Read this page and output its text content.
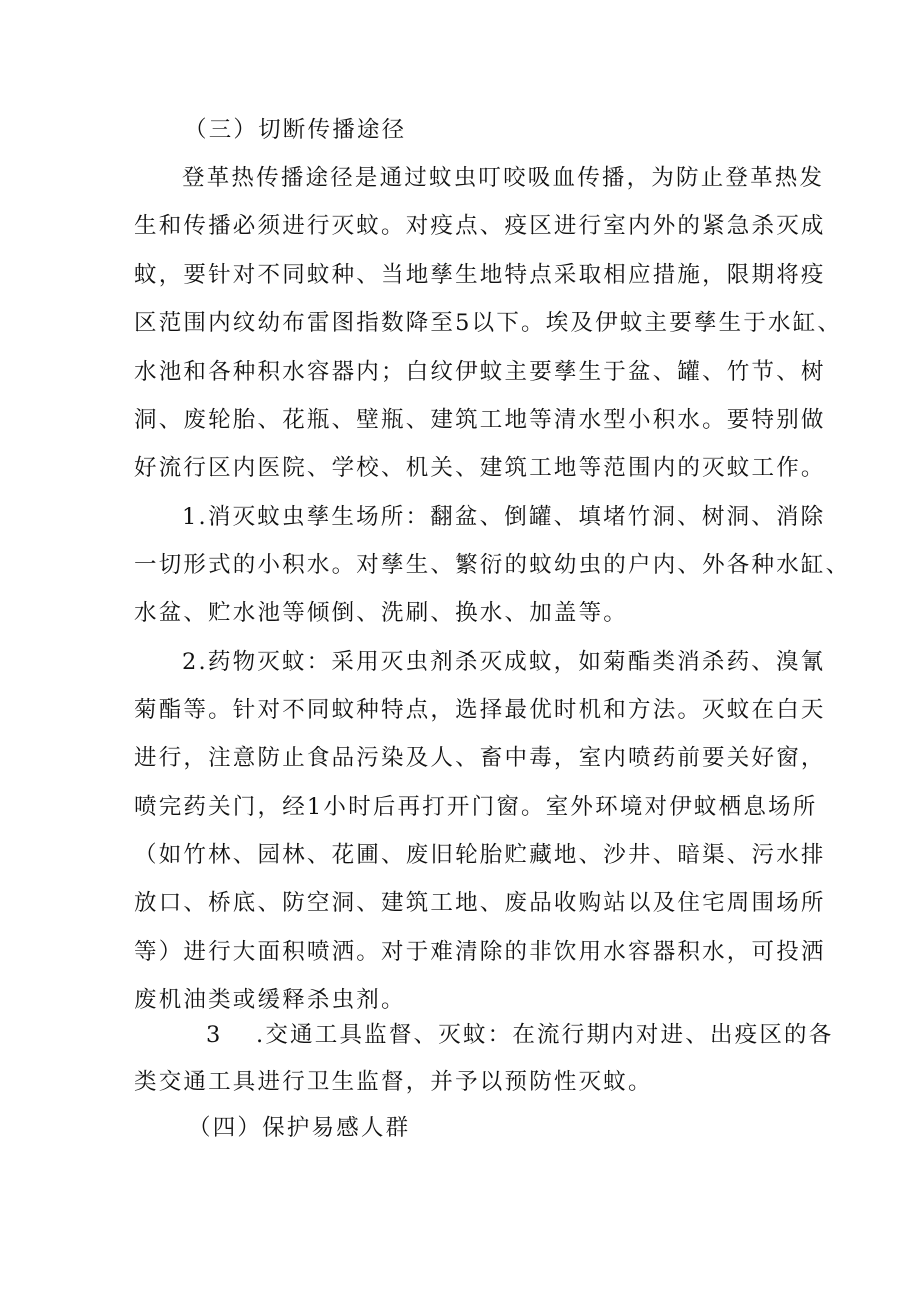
（三）切断传播途径
登革热传播途径是通过蚊虫叮咬吸血传播，为防止登革热发
生和传播必须进行灭蚊。对疫点、疫区进行室内外的紧急杀灭成
蚊，要针对不同蚊种、当地孳生地特点采取相应措施，限期将疫
区范围内纹幼布雷图指数降至5以下。埃及伊蚊主要孳生于水缸、
水池和各种积水容器内；白纹伊蚊主要孳生于盆、罐、竹节、树
洞、废轮胎、花瓶、壁瓶、建筑工地等清水型小积水。要特别做
好流行区内医院、学校、机关、建筑工地等范围内的灭蚊工作。
1.消灭蚊虫孳生场所：翻盆、倒罐、填堵竹洞、树洞、消除
一切形式的小积水。对孳生、繁衍的蚊幼虫的户内、外各种水缸、
水盆、贮水池等倾倒、洗刷、换水、加盖等。
2.药物灭蚊：采用灭虫剂杀灭成蚊，如菊酯类消杀药、溴氰
菊酯等。针对不同蚊种特点，选择最优时机和方法。灭蚊在白天
进行，注意防止食品污染及人、畜中毒，室内喷药前要关好窗，
喷完药关门，经1小时后再打开门窗。室外环境对伊蚊栖息场所
（如竹林、园林、花圃、废旧轮胎贮藏地、沙井、暗渠、污水排
放口、桥底、防空洞、建筑工地、废品收购站以及住宅周围场所
等）进行大面积喷洒。对于难清除的非饮用水容器积水，可投洒
废机油类或缓释杀虫剂。
3 .交通工具监督、灭蚊：在流行期内对进、出疫区的各
类交通工具进行卫生监督，并予以预防性灭蚊。
（四）保护易感人群
